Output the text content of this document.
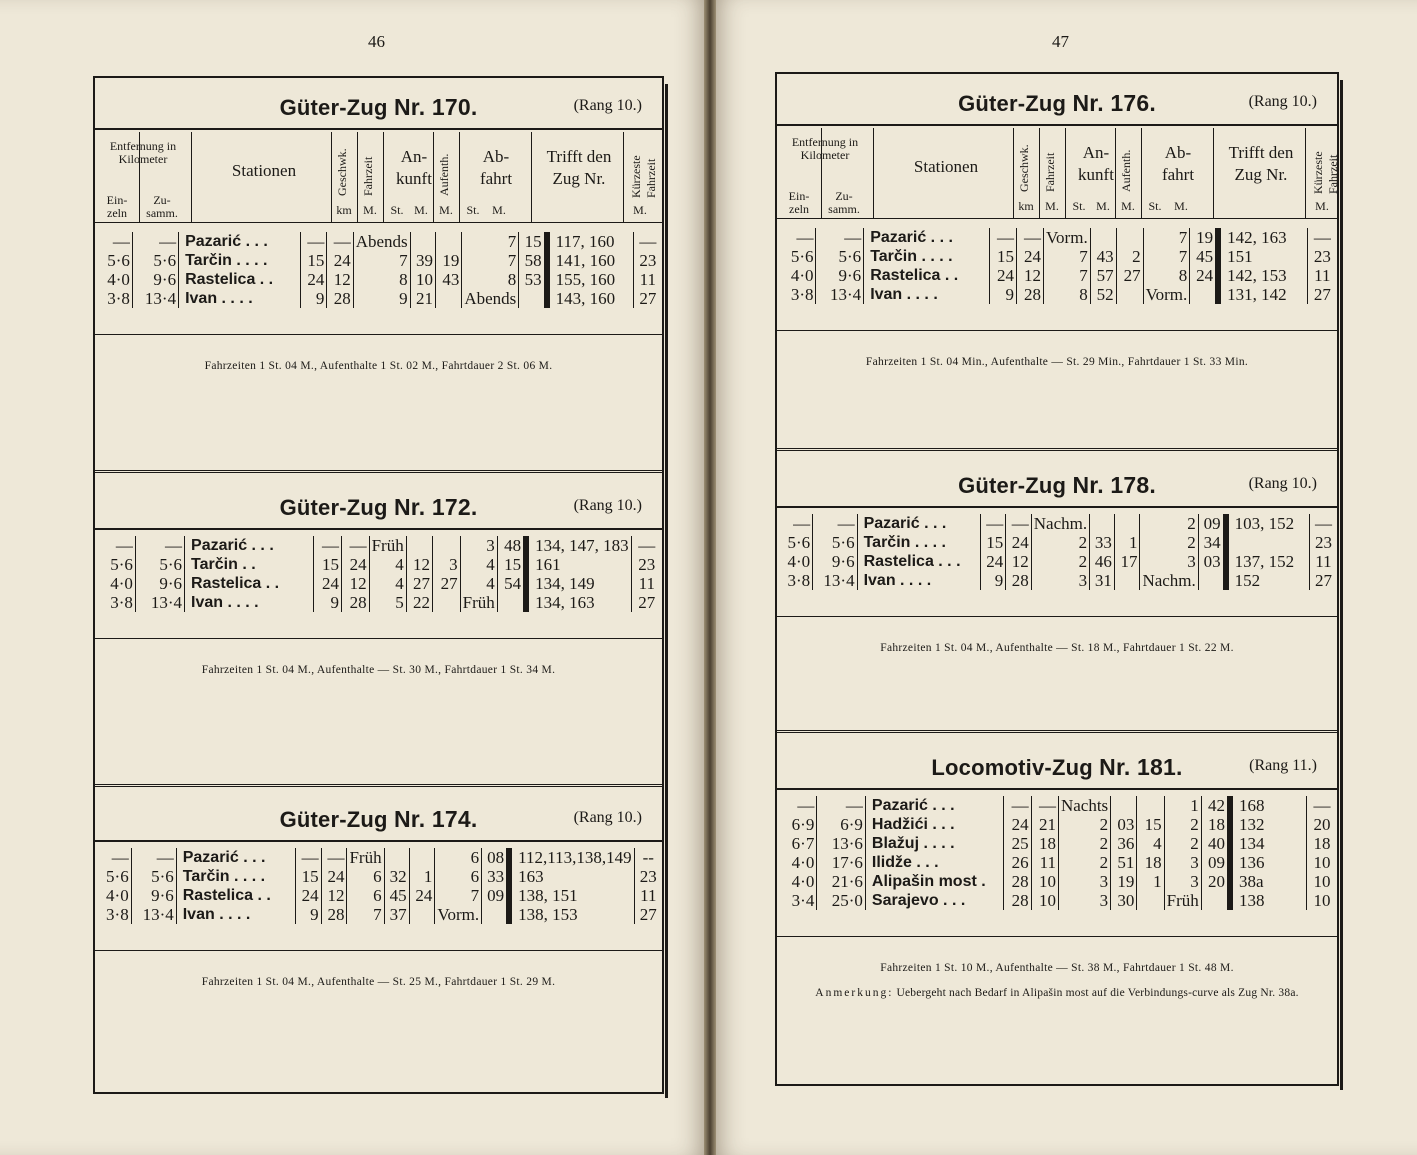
46	47
Güter-Zug Nr. 170.	(Rang 10.)
Entfernung in Kilometer
Ein-zeln
Zu-samm.
Stationen
An-kunft
Ab-fahrt
Trifft den Zug Nr.
km M.	St. M. M.	St.	M.	M.
Geschwk. Fahrzeit	Aufenth.	Kürzeste Fahrzeit
—	—	Pazarić . . .	—	—	Abends			7	15	117, 160	—
5·6	5·6	Tarčin . . . .	15	24	7	39	19	7	58	141, 160	23
4·0	9·6	Rastelica . .	24	12	8	10	43	8	53	155, 160	11
3·8	13·4	Ivan . . . .	9	28	9	21		Abends		143, 160	27
Fahrzeiten 1 St. 04 M., Aufenthalte 1 St. 02 M., Fahrtdauer 2 St. 06 M.
Güter-Zug Nr. 172.	(Rang 10.)
—	—	Pazarić . . .	—	—	Früh			3	48	134, 147, 183	—
5·6	5·6	Tarčin . .	15	24	4	12	3	4	15	161	23
4·0	9·6	Rastelica . .	24	12	4	27	27	4	54	134, 149	11
3·8	13·4	Ivan . . . .	9	28	5	22		Früh		134, 163	27
Fahrzeiten 1 St. 04 M., Aufenthalte — St. 30 M., Fahrtdauer 1 St. 34 M.
Güter-Zug Nr. 174.	(Rang 10.)
—	—	Pazarić . . .	—	—	Früh			6	08	112,113,138,149	--
5·6	5·6	Tarčin . . . .	15	24	6	32	1	6	33	163	23
4·0	9·6	Rastelica . .	24	12	6	45	24	7	09	138, 151	11
3·8	13·4	Ivan . . . .	9	28	7	37		Vorm.		138, 153	27
Fahrzeiten 1 St. 04 M., Aufenthalte — St. 25 M., Fahrtdauer 1 St. 29 M.
Güter-Zug Nr. 176.	(Rang 10.)
Entfernung in Kilometer
Ein-zeln
Zu-samm.
Stationen
An-kunft
Ab-fahrt
Trifft den Zug Nr.
km M.	St. M. M.	St.	M.	M.
Geschwk. Fahrzeit	Aufenth.	Kürzeste Fahrzeit
—	—	Pazarić . . .	—	—	Vorm.			7	19	142, 163	—
5·6	5·6	Tarčin . . . .	15	24	7	43	2	7	45	151	23
4·0	9·6	Rastelica . .	24	12	7	57	27	8	24	142, 153	11
3·8	13·4	Ivan . . . .	9	28	8	52		Vorm.		131, 142	27
Fahrzeiten 1 St. 04 Min., Aufenthalte — St. 29 Min., Fahrtdauer 1 St. 33 Min.
Güter-Zug Nr. 178.	(Rang 10.)
—	—	Pazarić . . .	—	—	Nachm.			2	09	103, 152	—
5·6	5·6	Tarčin . . . .	15	24	2	33	1	2	34		23
4·0	9·6	Rastelica . . .	24	12	2	46	17	3	03	137, 152	11
3·8	13·4	Ivan . . . .	9	28	3	31		Nachm.		152	27
Fahrzeiten 1 St. 04 M., Aufenthalte — St. 18 M., Fahrtdauer 1 St. 22 M.
Locomotiv-Zug Nr. 181.	(Rang 11.)
—	—	Pazarić . . .	—	—	Nachts			1	42	168	—
6·9	6·9	Hadžići . . .	24	21	2	03	15	2	18	132	20
6·7	13·6	Blažuj . . . .	25	18	2	36	4	2	40	134	18
4·0	17·6	Ilidže . . .	26	11	2	51	18	3	09	136	10
4·0	21·6	Alipašin most .	28	10	3	19	1	3	20	38a	10
3·4	25·0	Sarajevo . . .	28	10	3	30		Früh		138	10
Fahrzeiten 1 St. 10 M., Aufenthalte — St. 38 M., Fahrtdauer 1 St. 48 M.
Anmerkung: Uebergeht nach Bedarf in Alipašin most auf die Verbindungs-curve als Zug Nr. 38a.
